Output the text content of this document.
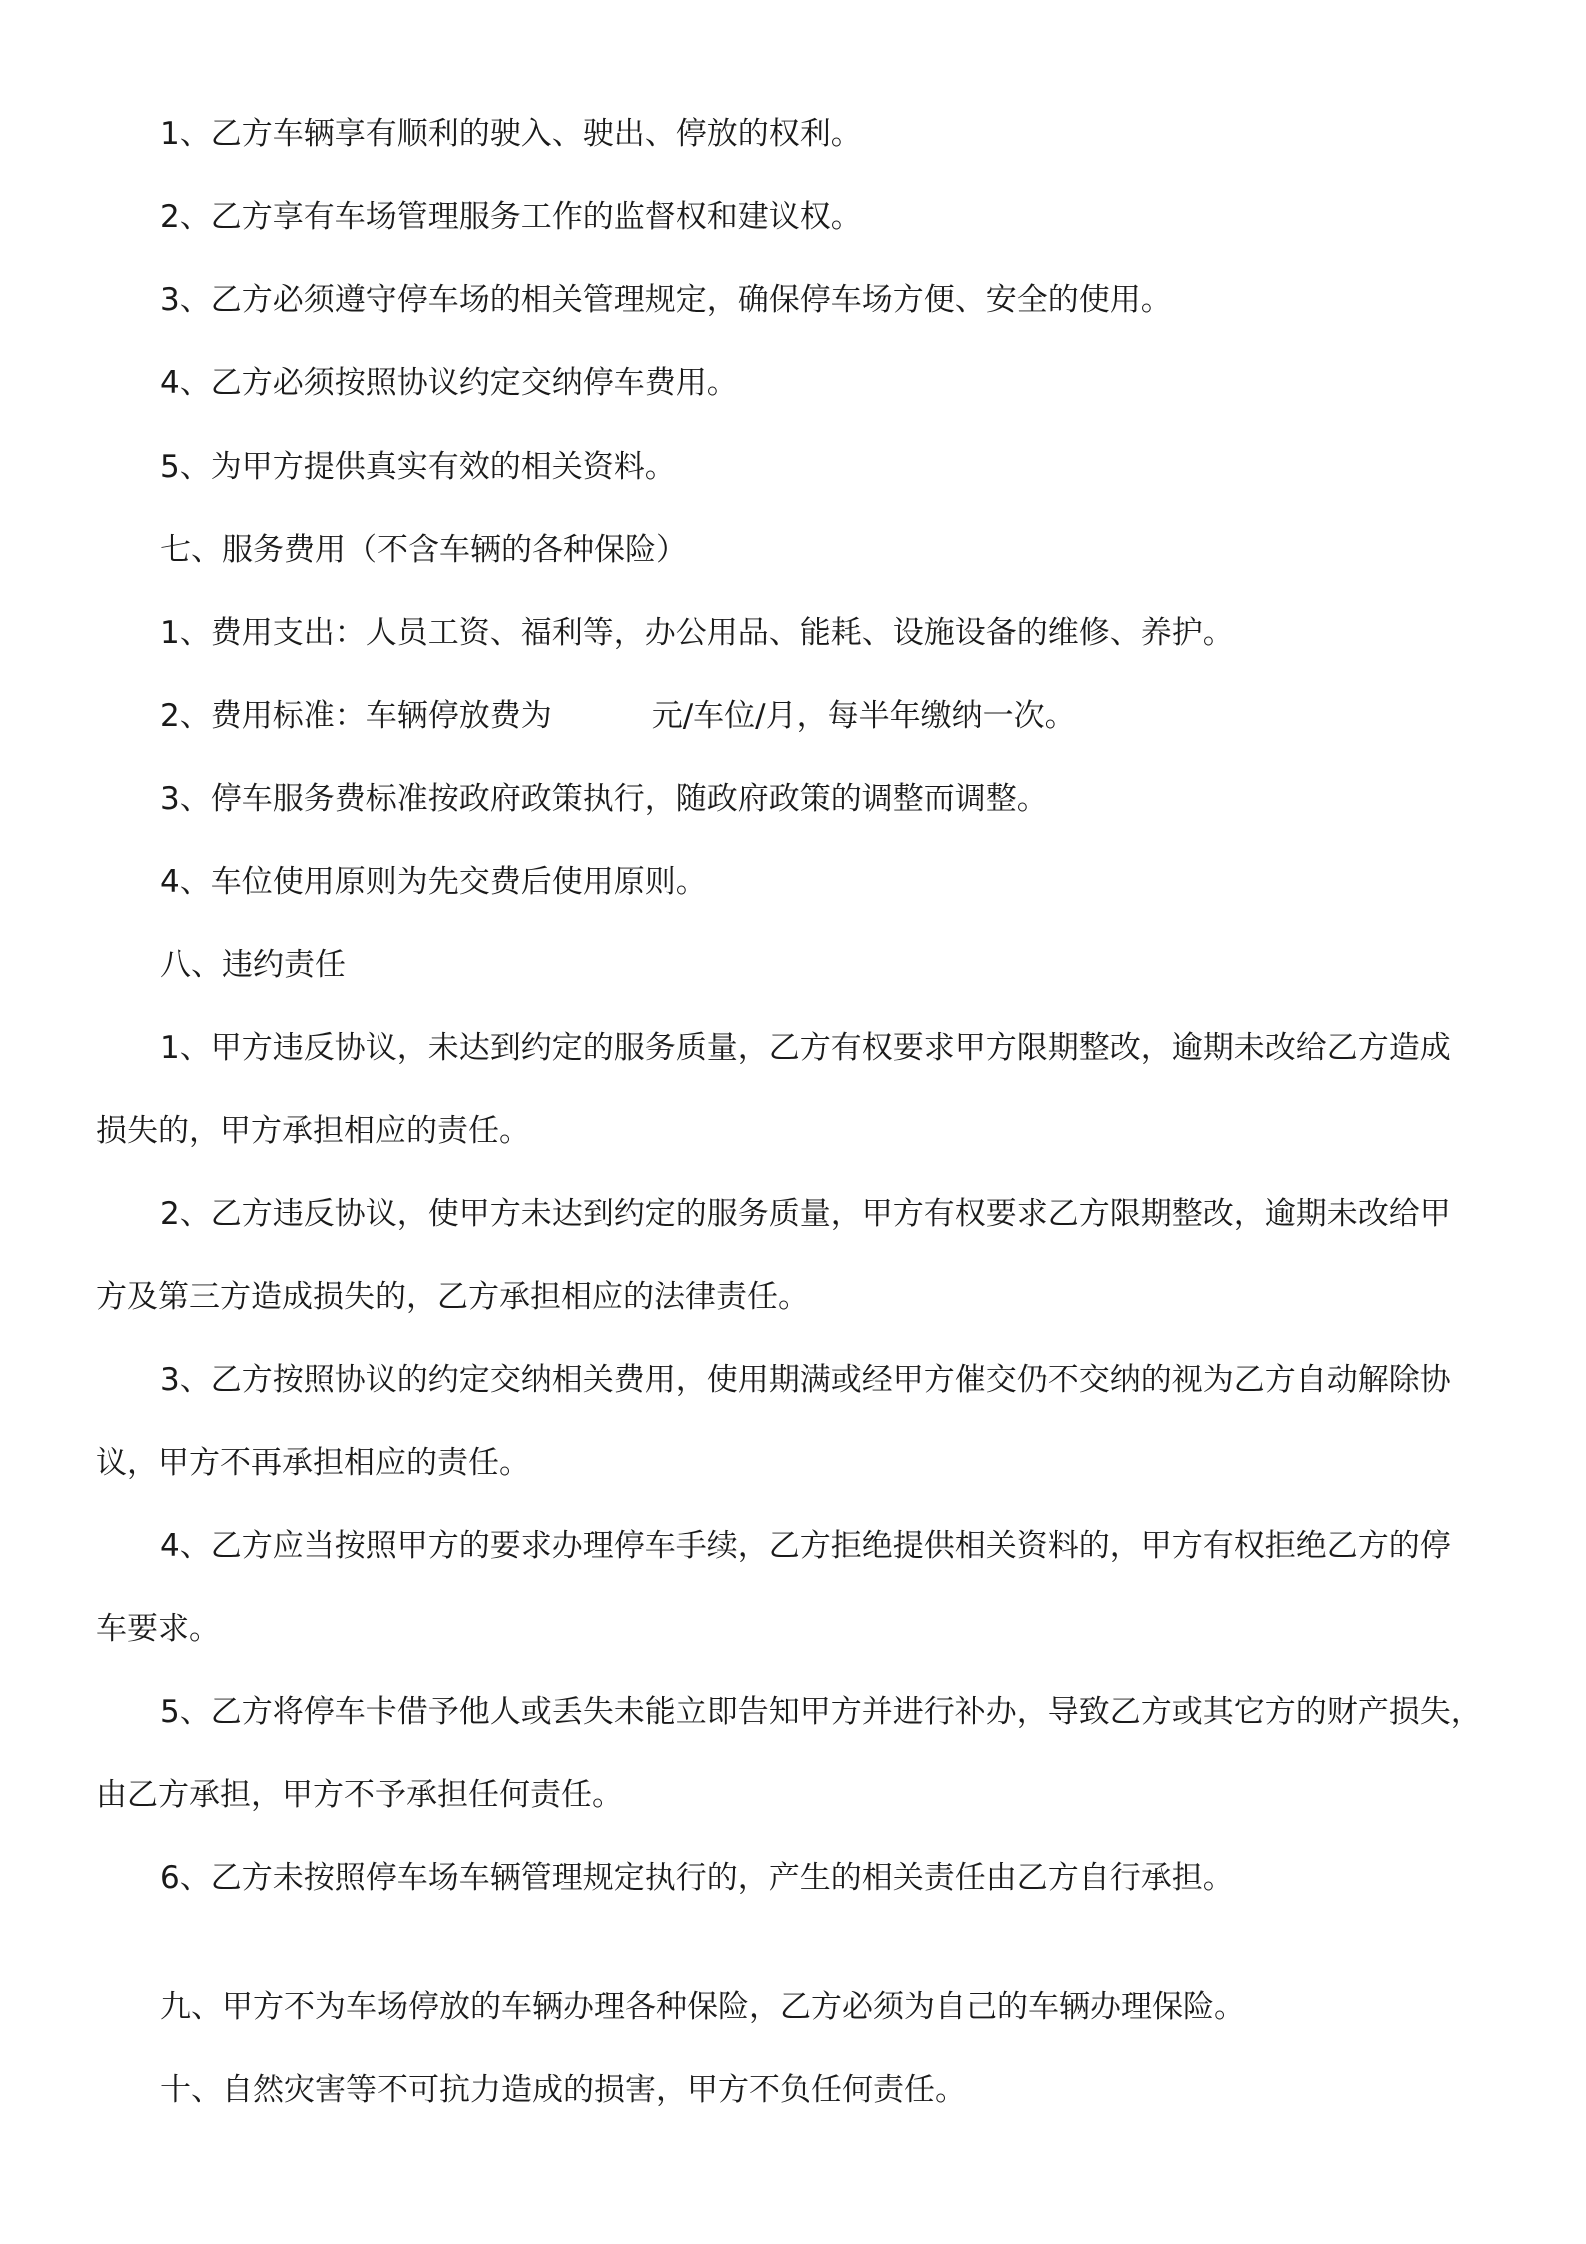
1、乙方车辆享有顺利的驶入、驶出、停放的权利。

2、乙方享有车场管理服务工作的监督权和建议权。

3、乙方必须遵守停车场的相关管理规定，确保停车场方便、安全的使用。

4、乙方必须按照协议约定交纳停车费用。

5、为甲方提供真实有效的相关资料。

七、服务费用（不含车辆的各种保险）

1、费用支出：人员工资、福利等，办公用品、能耗、设施设备的维修、养护。

2、费用标准：车辆停放费为	元/车位/月，每半年缴纳一次。

3、停车服务费标准按政府政策执行，随政府政策的调整而调整。

4、车位使用原则为先交费后使用原则。

八、违约责任

1、甲方违反协议，未达到约定的服务质量，乙方有权要求甲方限期整改，逾期未改给乙方造成

损失的，甲方承担相应的责任。

2、乙方违反协议，使甲方未达到约定的服务质量，甲方有权要求乙方限期整改，逾期未改给甲

方及第三方造成损失的，乙方承担相应的法律责任。

3、乙方按照协议的约定交纳相关费用，使用期满或经甲方催交仍不交纳的视为乙方自动解除协

议，甲方不再承担相应的责任。

4、乙方应当按照甲方的要求办理停车手续，乙方拒绝提供相关资料的，甲方有权拒绝乙方的停

车要求。

5、乙方将停车卡借予他人或丢失未能立即告知甲方并进行补办，导致乙方或其它方的财产损失，

由乙方承担，甲方不予承担任何责任。

6、乙方未按照停车场车辆管理规定执行的，产生的相关责任由乙方自行承担。

九、甲方不为车场停放的车辆办理各种保险，乙方必须为自己的车辆办理保险。

十、自然灾害等不可抗力造成的损害，甲方不负任何责任。
